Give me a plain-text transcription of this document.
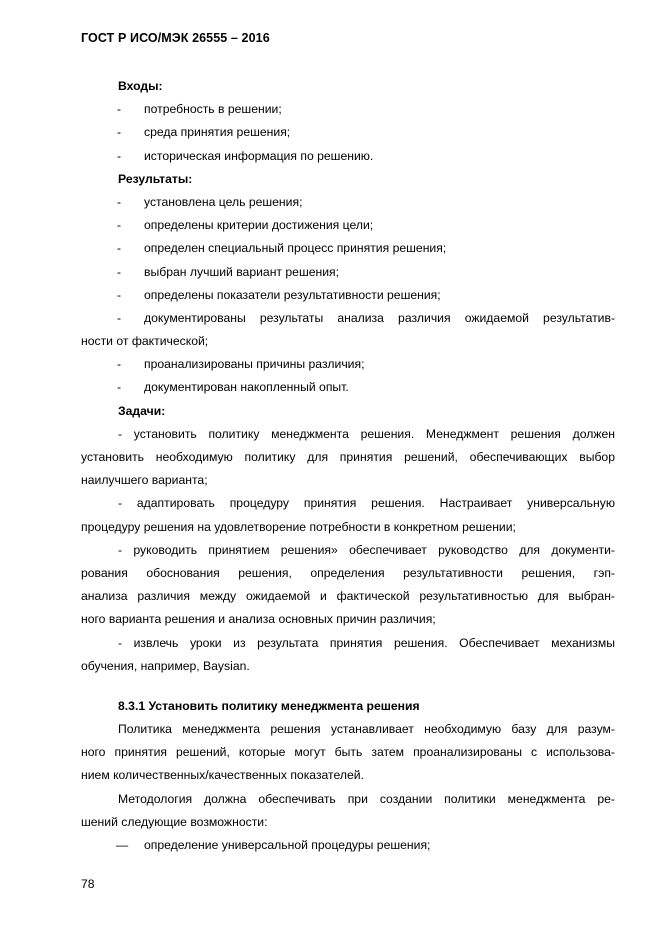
ГОСТ Р ИСО/МЭК 26555 – 2016
Входы:
- потребность в решении;
- среда принятия решения;
- историческая информация по решению.
Результаты:
- установлена цель решения;
- определены критерии достижения цели;
- определен специальный процесс принятия решения;
- выбран лучший вариант решения;
- определены показатели результативности решения;
- документированы результаты анализа различия ожидаемой результатив-
ности от фактической;
- проанализированы причины различия;
- документирован накопленный опыт.
Задачи:
- установить политику менеджмента решения. Менеджмент решения должен
установить необходимую политику для принятия решений, обеспечивающих выбор
наилучшего варианта;
- адаптировать процедуру принятия решения. Настраивает универсальную
процедуру решения на удовлетворение потребности в конкретном решении;
- руководить принятием решения» обеспечивает руководство для документи-
рования обоснования решения, определения результативности решения, гэп-
анализа различия между ожидаемой и фактической результативностью для выбран-
ного варианта решения и анализа основных причин различия;
- извлечь уроки из результата принятия решения. Обеспечивает механизмы
обучения, например, Baysian.
8.3.1 Установить политику менеджмента решения
Политика менеджмента решения устанавливает необходимую базу для разум-
ного принятия решений, которые могут быть затем проанализированы с использова-
нием количественных/качественных показателей.
Методология должна обеспечивать при создании политики менеджмента ре-
шений следующие возможности:
— определение универсальной процедуры решения;
78
